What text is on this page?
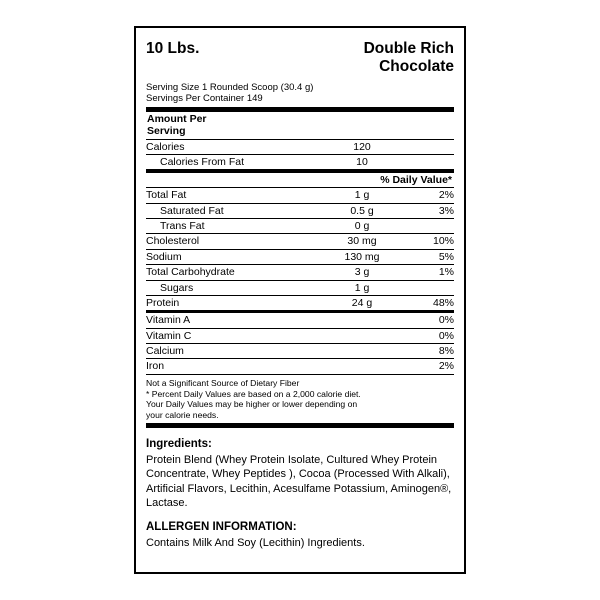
10 Lbs.	Double Rich
Chocolate
Serving Size 1 Rounded Scoop (30.4 g)
Servings Per Container 149
Amount Per
Serving
Calories	120	
Calories From Fat	10	
% Daily Value*
Total Fat	1 g	2%
Saturated Fat	0.5 g	3%
Trans Fat	0 g	
Cholesterol	30 mg	10%
Sodium	130 mg	5%
Total Carbohydrate	3 g	1%
Sugars	1 g	
Protein	24 g	48%
Vitamin A		0%
Vitamin C		0%
Calcium		8%
Iron		2%
Not a Significant Source of Dietary Fiber
* Percent Daily Values are based on a 2,000 calorie diet.
Your Daily Values may be higher or lower depending on
your calorie needs.
Ingredients:
Protein Blend (Whey Protein Isolate, Cultured Whey Protein Concentrate, Whey Peptides ), Cocoa (Processed With Alkali), Artificial Flavors, Lecithin, Acesulfame Potassium, Aminogen®, Lactase.
ALLERGEN INFORMATION:
Contains Milk And Soy (Lecithin) Ingredients.
